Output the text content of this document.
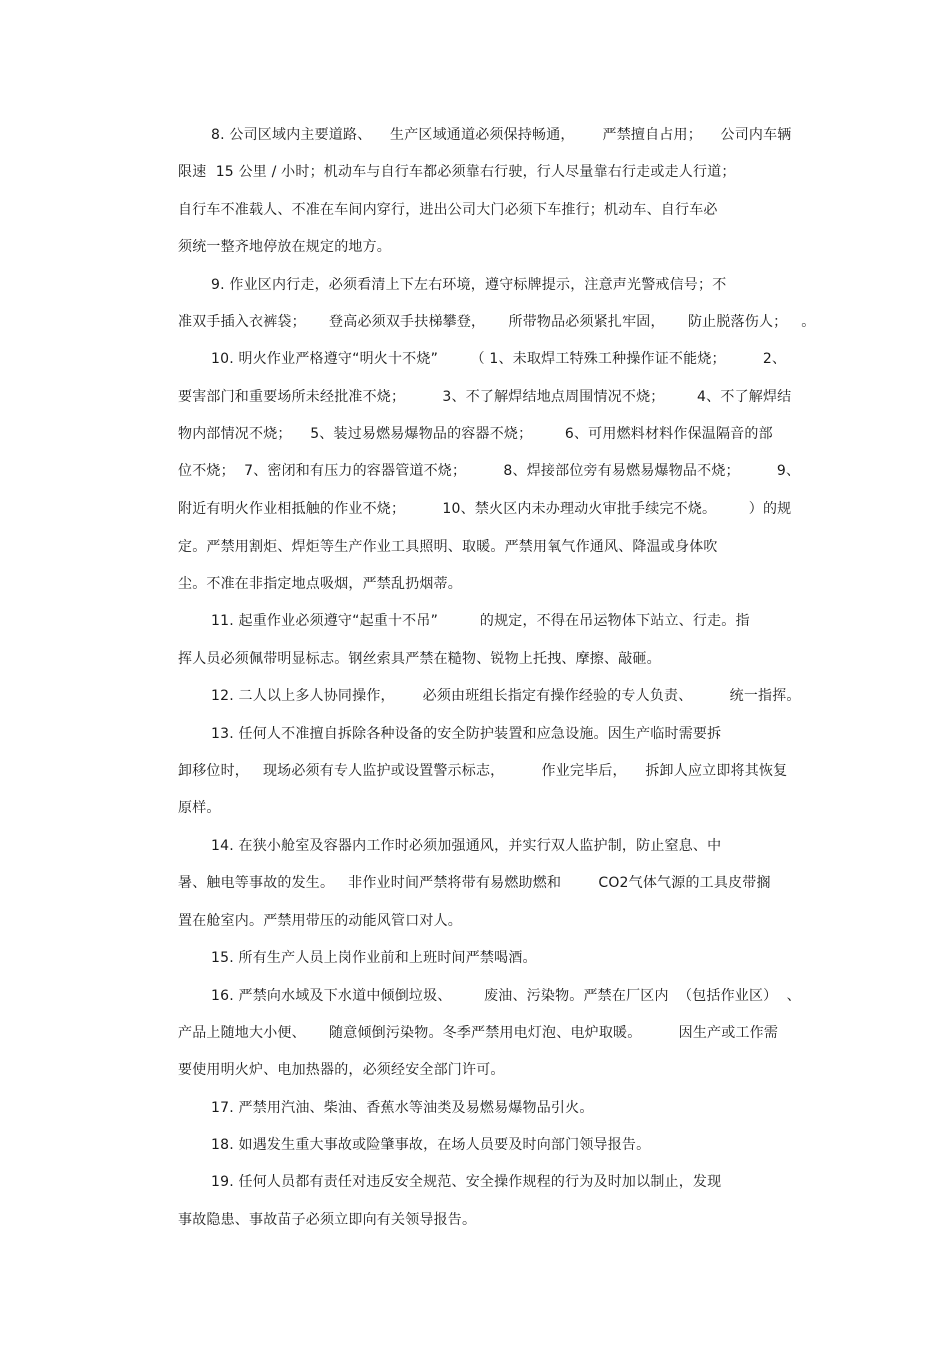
8. 公司区域内主要道路、    生产区域通道必须保持畅通，      严禁擅自占用；    公司内车辆
限速  15 公里 / 小时；机动车与自行车都必须靠右行驶，行人尽量靠右行走或走人行道；
自行车不准载人、不准在车间内穿行，进出公司大门必须下车推行；机动车、自行车必
须统一整齐地停放在规定的地方。
9. 作业区内行走，必须看清上下左右环境，遵守标牌提示，注意声光警戒信号；不
准双手插入衣裤袋；     登高必须双手扶梯攀登，     所带物品必须紧扎牢固，     防止脱落伤人；   。
10. 明火作业严格遵守“明火十不烧”       （ 1、未取焊工特殊工种操作证不能烧；        2、
要害部门和重要场所未经批准不烧；        3、不了解焊结地点周围情况不烧；       4、不了解焊结
物内部情况不烧；    5、装过易燃易爆物品的容器不烧；       6、可用燃料材料作保温隔音的部
位不烧；  7、密闭和有压力的容器管道不烧；        8、焊接部位旁有易燃易爆物品不烧；        9、
附近有明火作业相抵触的作业不烧；        10、禁火区内未办理动火审批手续完不烧。       ）的规
定。严禁用割炬、焊炬等生产作业工具照明、取暖。严禁用氧气作通风、降温或身体吹
尘。不准在非指定地点吸烟，严禁乱扔烟蒂。
11. 起重作业必须遵守“起重十不吊”         的规定，不得在吊运物体下站立、行走。指
挥人员必须佩带明显标志。钢丝索具严禁在糙物、锐物上托拽、摩擦、敲砸。
12. 二人以上多人协同操作，      必须由班组长指定有操作经验的专人负责、        统一指挥。
13. 任何人不准擅自拆除各种设备的安全防护装置和应急设施。因生产临时需要拆
卸移位时，   现场必须有专人监护或设置警示标志，        作业完毕后，    拆卸人应立即将其恢复
原样。
14. 在狭小舱室及容器内工作时必须加强通风，并实行双人监护制，防止窒息、中
暑、触电等事故的发生。   非作业时间严禁将带有易燃助燃和        CO2气体气源的工具皮带搁
置在舱室内。严禁用带压的动能风管口对人。
15. 所有生产人员上岗作业前和上班时间严禁喝酒。
16. 严禁向水域及下水道中倾倒垃圾、       废油、污染物。严禁在厂区内  （包括作业区）  、
产品上随地大小便、     随意倾倒污染物。冬季严禁用电灯泡、电炉取暖。        因生产或工作需
要使用明火炉、电加热器的，必须经安全部门许可。
17. 严禁用汽油、柴油、香蕉水等油类及易燃易爆物品引火。
18. 如遇发生重大事故或险肇事故，在场人员要及时向部门领导报告。
19. 任何人员都有责任对违反安全规范、安全操作规程的行为及时加以制止，发现
事故隐患、事故苗子必须立即向有关领导报告。
